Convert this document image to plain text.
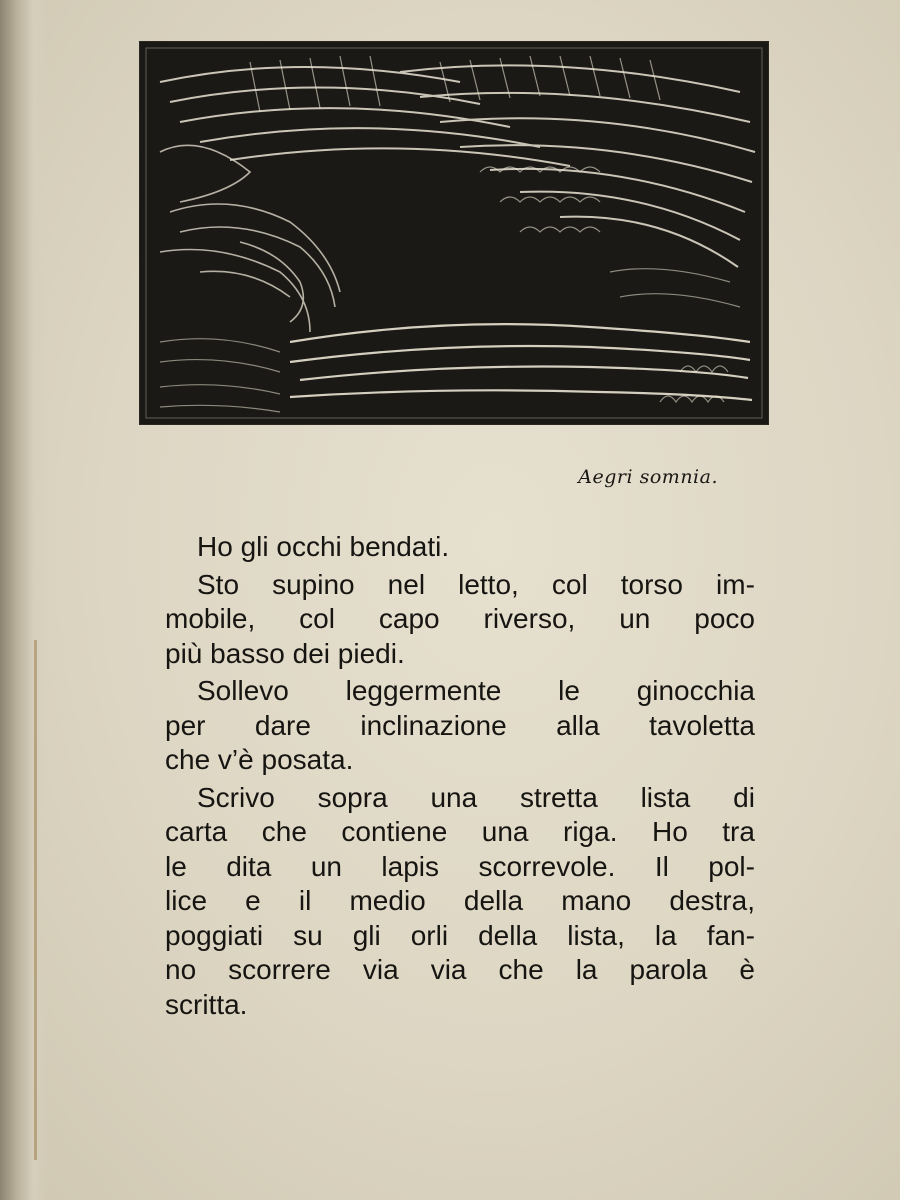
Aegri somnia.
Ho gli occhi bendati.
Sto supino nel letto, col torso im-
mobile, col capo riverso, un poco
più basso dei piedi.
Sollevo leggermente le ginocchia
per dare inclinazione alla tavoletta
che v’è posata.
Scrivo sopra una stretta lista di
carta che contiene una riga. Ho tra
le dita un lapis scorrevole. Il pol-
lice e il medio della mano destra,
poggiati su gli orli della lista, la fan-
no scorrere via via che la parola è
scritta.
